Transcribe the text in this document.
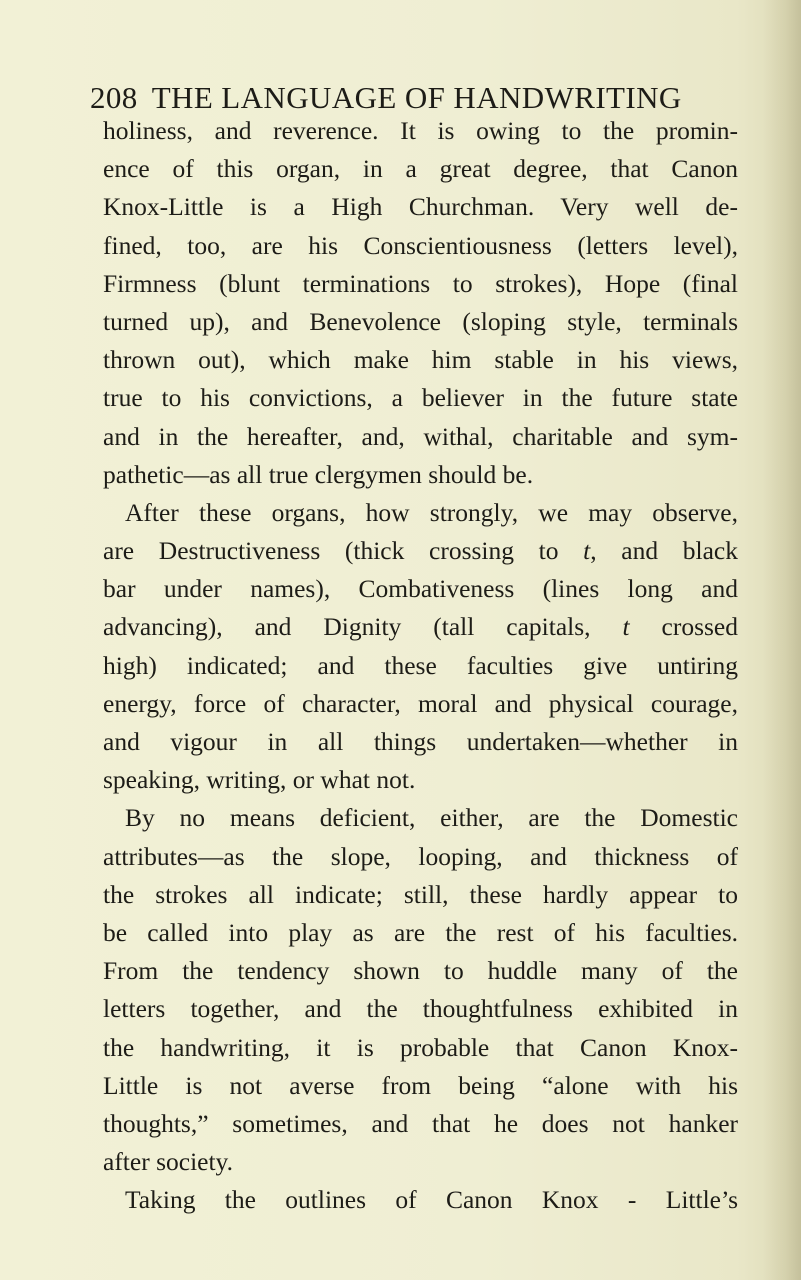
208 THE LANGUAGE OF HANDWRITING
holiness, and reverence. It is owing to the promin-
ence of this organ, in a great degree, that Canon
Knox-Little is a High Churchman. Very well de-
fined, too, are his Conscientiousness (letters level),
Firmness (blunt terminations to strokes), Hope (final
turned up), and Benevolence (sloping style, terminals
thrown out), which make him stable in his views,
true to his convictions, a believer in the future state
and in the hereafter, and, withal, charitable and sym-
pathetic—as all true clergymen should be.
After these organs, how strongly, we may observe,
are Destructiveness (thick crossing to t, and black
bar under names), Combativeness (lines long and
advancing), and Dignity (tall capitals, t crossed
high) indicated; and these faculties give untiring
energy, force of character, moral and physical courage,
and vigour in all things undertaken—whether in
speaking, writing, or what not.
By no means deficient, either, are the Domestic
attributes—as the slope, looping, and thickness of
the strokes all indicate; still, these hardly appear to
be called into play as are the rest of his faculties.
From the tendency shown to huddle many of the
letters together, and the thoughtfulness exhibited in
the handwriting, it is probable that Canon Knox-
Little is not averse from being “alone with his
thoughts,” sometimes, and that he does not hanker
after society.
Taking the outlines of Canon Knox - Little’s
